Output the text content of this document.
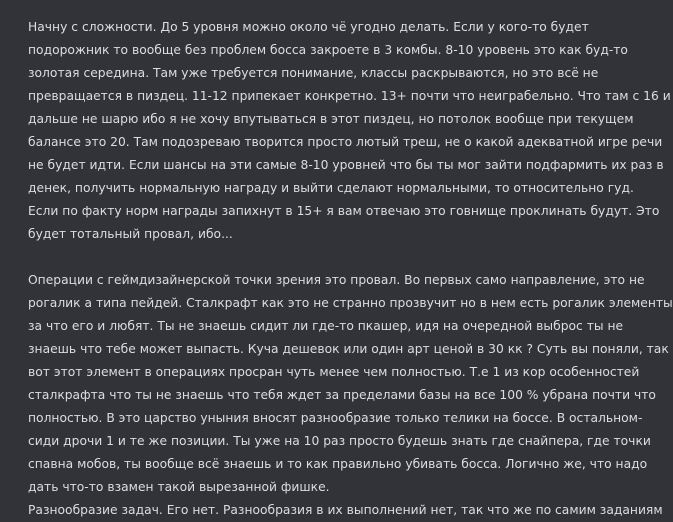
Начну с сложности. До 5 уровня можно около чё угодно делать. Если у кого-то будет
подорожник то вообще без проблем босса закроете в 3 комбы. 8-10 уровень это как буд-то
золотая середина. Там уже требуется понимание, классы раскрываются, но это всё не
превращается в пиздец. 11-12 припекает конкретно. 13+ почти что неиграбельно. Что там с 16 и
дальше не шарю ибо я не хочу впутываться в этот пиздец, но потолок вообще при текущем
балансе это 20. Там подозреваю творится просто лютый треш, не о какой адекватной игре речи
не будет идти. Если шансы на эти самые 8-10 уровней что бы ты мог зайти подфармить их раз в
денек, получить нормальную награду и выйти сделают нормальными, то относительно гуд.
Если по факту норм награды запихнут в 15+ я вам отвечаю это говнище проклинать будут. Это
будет тотальный провал, ибо...
Операции с геймдизайнерской точки зрения это провал. Во первых само направление, это не
рогалик а типа пейдей. Сталкрафт как это не странно прозвучит но в нем есть рогалик элементы
за что его и любят. Ты не знаешь сидит ли где-то пкашер, идя на очередной выброс ты не
знаешь что тебе может выпасть. Куча дешевок или один арт ценой в 30 кк ? Суть вы поняли, так
вот этот элемент в операциях просран чуть менее чем полностью. Т.е 1 из кор особенностей
сталкрафта что ты не знаешь что тебя ждет за пределами базы на все 100 % убрана почти что
полностью. В это царство уныния вносят разнообразие только телики на боссе. В остальном-
сиди дрочи 1 и те же позиции. Ты уже на 10 раз просто будешь знать где снайпера, где точки
спавна мобов, ты вообще всё знаешь и то как правильно убивать босса. Логично же, что надо
дать что-то взамен такой вырезанной фишке.
Разнообразие задач. Его нет. Разнообразия в их выполнений нет, так что же по самим заданиям
